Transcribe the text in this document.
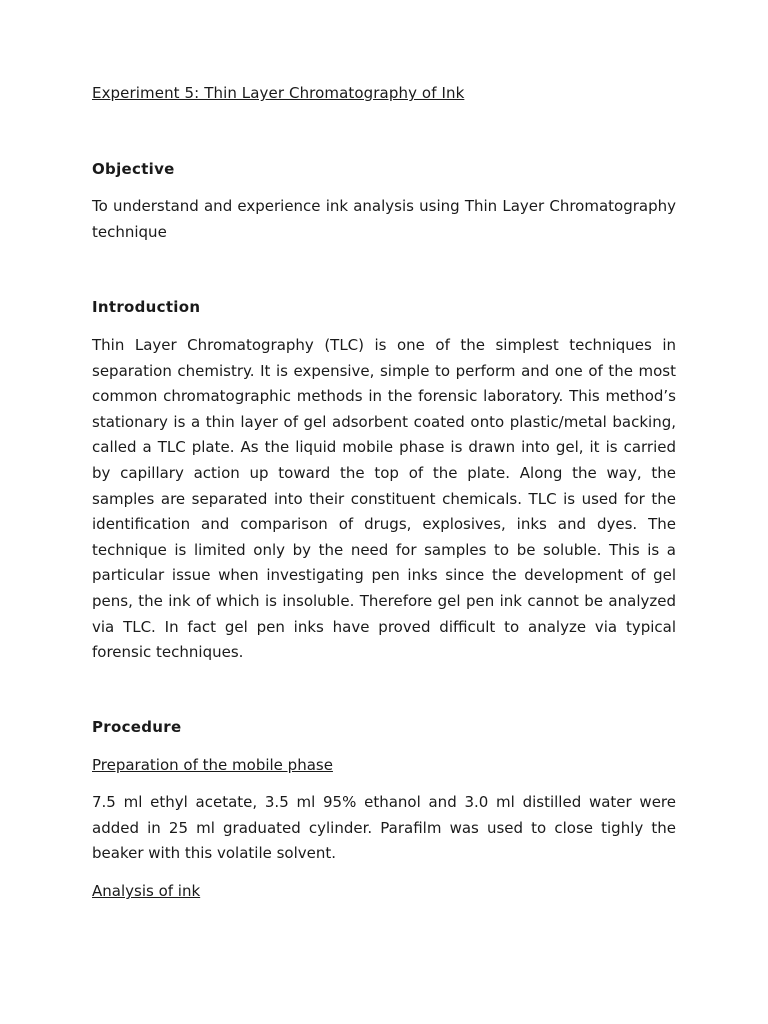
Experiment 5: Thin Layer Chromatography of Ink
Objective

To understand and experience ink analysis using Thin Layer Chromatography technique

Introduction

Thin Layer Chromatography (TLC) is one of the simplest techniques in separation chemistry. It is expensive, simple to perform and one of the most common chromatographic methods in the forensic laboratory. This method’s stationary is a thin layer of gel adsorbent coated onto plastic/metal backing, called a TLC plate. As the liquid mobile phase is drawn into gel, it is carried by capillary action up toward the top of the plate. Along the way, the samples are separated into their constituent chemicals. TLC is used for the identification and comparison of drugs, explosives, inks and dyes. The technique is limited only by the need for samples to be soluble. This is a particular issue when investigating pen inks since the development of gel pens, the ink of which is insoluble. Therefore gel pen ink cannot be analyzed via TLC. In fact gel pen inks have proved difficult to analyze via typical forensic techniques.

Procedure

Preparation of the mobile phase

7.5 ml ethyl acetate, 3.5 ml 95% ethanol and 3.0 ml distilled water were added in 25 ml graduated cylinder. Parafilm was used to close tighly the beaker with this volatile solvent.

Analysis of ink
